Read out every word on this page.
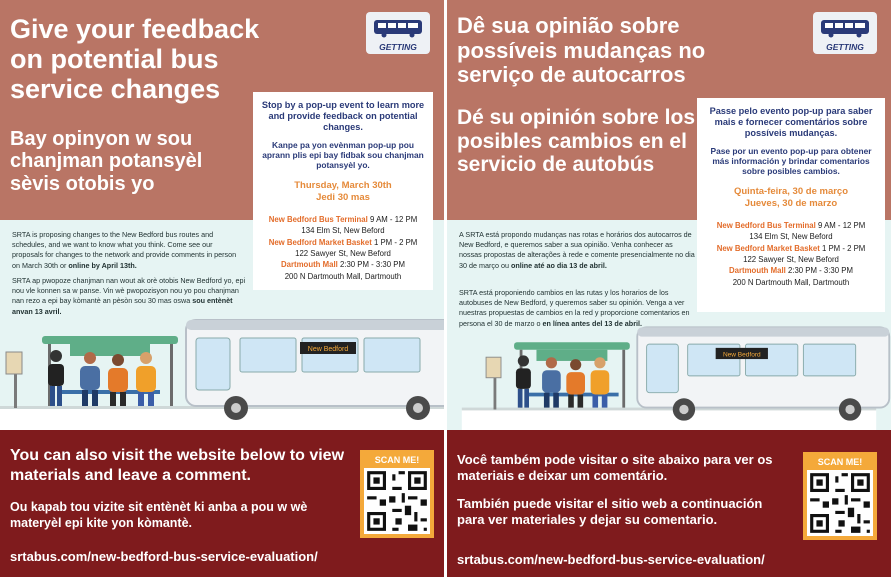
Give your feedback on potential bus service changes
Bay opinyon w sou chanjman potansyèl sèvis otobis yo
GETTING
Stop by a pop-up event to learn more and provide feedback on potential changes.
Kanpe pa yon evènman pop-up pou aprann plis epi bay fidbak sou chanjman potansyèl yo.
Thursday, March 30th
Jedi 30 mas
New Bedford Bus Terminal 9 AM - 12 PM
134 Elm St, New Beford
New Bedford Market Basket 1 PM - 2 PM
122 Sawyer St, New Beford
Dartmouth Mall 2:30 PM - 3:30 PM
200 N Dartmouth Mall, Dartmouth
SRTA is proposing changes to the New Bedford bus routes and schedules, and we want to know what you think. Come see our proposals for changes to the network and provide comments in person on March 30th or online by April 13th.
SRTA ap pwopoze chanjman nan wout ak orè otobis New Bedford yo, epi nou vle konnen sa w panse. Vin wè pwopozisyon nou yo pou chanjman nan rezo a epi bay kòmantè an pèsòn sou 30 mas oswa sou entènèt anvan 13 avril.
New Bedford
You can also visit the website below to view materials and leave a comment.
Ou kapab tou vizite sit entènèt ki anba a pou w wè materyèl epi kite yon kòmantè.
srtabus.com/new-bedford-bus-service-evaluation/
SCAN ME!
Dê sua opinião sobre possíveis mudanças no serviço de autocarros
Dé su opinión sobre los posibles cambios en el servicio de autobús
GETTING
Passe pelo evento pop-up para saber mais e fornecer comentários sobre possíveis mudanças.
Pase por un evento pop-up para obtener más información y brindar comentarios sobre posibles cambios.
Quinta-feira, 30 de março
Jueves, 30 de marzo
New Bedford Bus Terminal 9 AM - 12 PM
134 Elm St, New Beford
New Bedford Market Basket 1 PM - 2 PM
122 Sawyer St, New Beford
Dartmouth Mall 2:30 PM - 3:30 PM
200 N Dartmouth Mall, Dartmouth
A SRTA está propondo mudanças nas rotas e horários dos autocarros de New Bedford, e queremos saber a sua opinião. Venha conhecer as nossas propostas de alterações à rede e comente presencialmente no dia 30 de março ou online até ao dia 13 de abril.
SRTA está proponiendo cambios en las rutas y los horarios de los autobuses de New Bedford, y queremos saber su opinión. Venga a ver nuestras propuestas de cambios en la red y proporcione comentarios en persona el 30 de marzo o en línea antes del 13 de abril.
New Bedford
Você também pode visitar o site abaixo para ver os materiais e deixar um comentário.
También puede visitar el sitio web a continuación para ver materiales y dejar su comentario.
srtabus.com/new-bedford-bus-service-evaluation/
SCAN ME!
